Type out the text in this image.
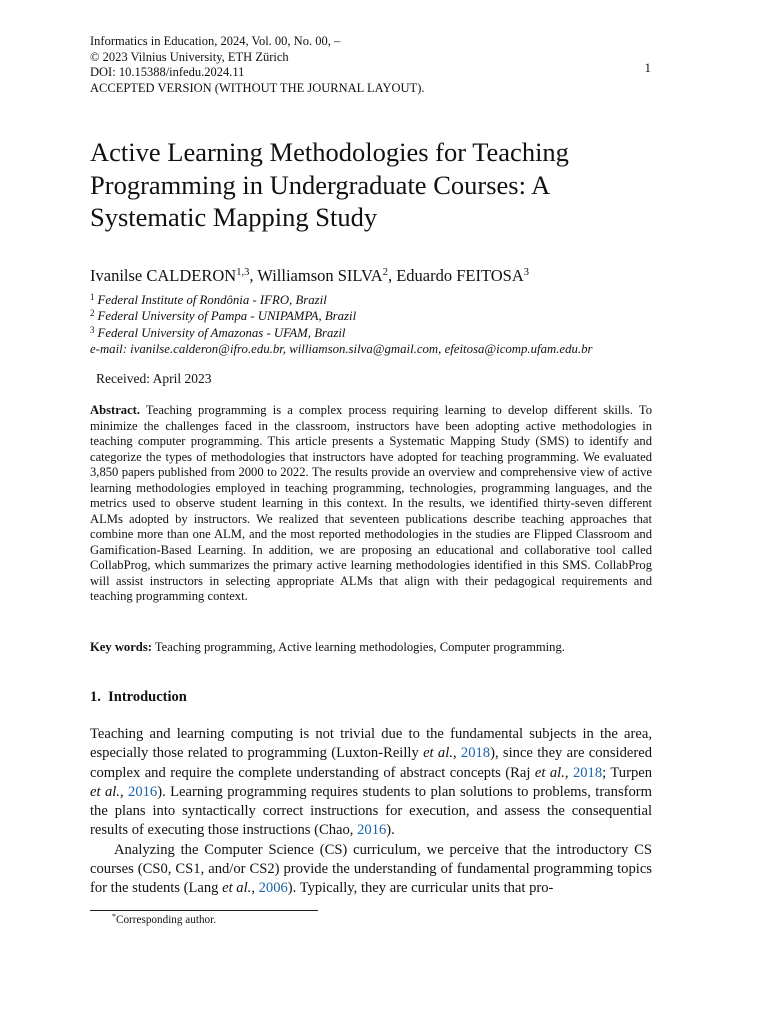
Informatics in Education, 2024, Vol. 00, No. 00, –
© 2023 Vilnius University, ETH Zürich
DOI: 10.15388/infedu.2024.11
ACCEPTED VERSION (WITHOUT THE JOURNAL LAYOUT).
1
Active Learning Methodologies for Teaching Programming in Undergraduate Courses: A Systematic Mapping Study
Ivanilse CALDERON$^{1,3}$, Williamson SILVA$^2$, Eduardo FEITOSA$^3$
$^1$ Federal Institute of Rondônia - IFRO, Brazil
$^2$ Federal University of Pampa - UNIPAMPA, Brazil
$^3$ Federal University of Amazonas - UFAM, Brazil
e-mail: ivanilse.calderon@ifro.edu.br, williamson.silva@gmail.com, efeitosa@icomp.ufam.edu.br
Received: April 2023
Abstract. Teaching programming is a complex process requiring learning to develop different skills. To minimize the challenges faced in the classroom, instructors have been adopting active methodologies in teaching computer programming. This article presents a Systematic Mapping Study (SMS) to identify and categorize the types of methodologies that instructors have adopted for teaching programming. We evaluated 3,850 papers published from 2000 to 2022. The results provide an overview and comprehensive view of active learning methodologies employed in teaching programming, technologies, programming languages, and the metrics used to observe student learning in this context. In the results, we identified thirty-seven different ALMs adopted by instructors. We realized that seventeen publications describe teaching approaches that combine more than one ALM, and the most reported methodologies in the studies are Flipped Classroom and Gamification-Based Learning. In addition, we are proposing an educational and collaborative tool called CollabProg, which summarizes the primary active learning methodologies identified in this SMS. CollabProg will assist instructors in selecting appropriate ALMs that align with their pedagogical requirements and teaching programming context.
Key words: Teaching programming, Active learning methodologies, Computer programming.
1. Introduction

Teaching and learning computing is not trivial due to the fundamental subjects in the area, especially those related to programming (Luxton-Reilly et al., 2018), since they are considered complex and require the complete understanding of abstract concepts (Raj et al., 2018; Turpen et al., 2016). Learning programming requires students to plan solutions to problems, transform the plans into syntactically correct instructions for execution, and assess the consequential results of executing those instructions (Chao, 2016).

Analyzing the Computer Science (CS) curriculum, we perceive that the introductory CS courses (CS0, CS1, and/or CS2) provide the understanding of fundamental programming topics for the students (Lang et al., 2006). Typically, they are curricular units that pro-

*Corresponding author.
